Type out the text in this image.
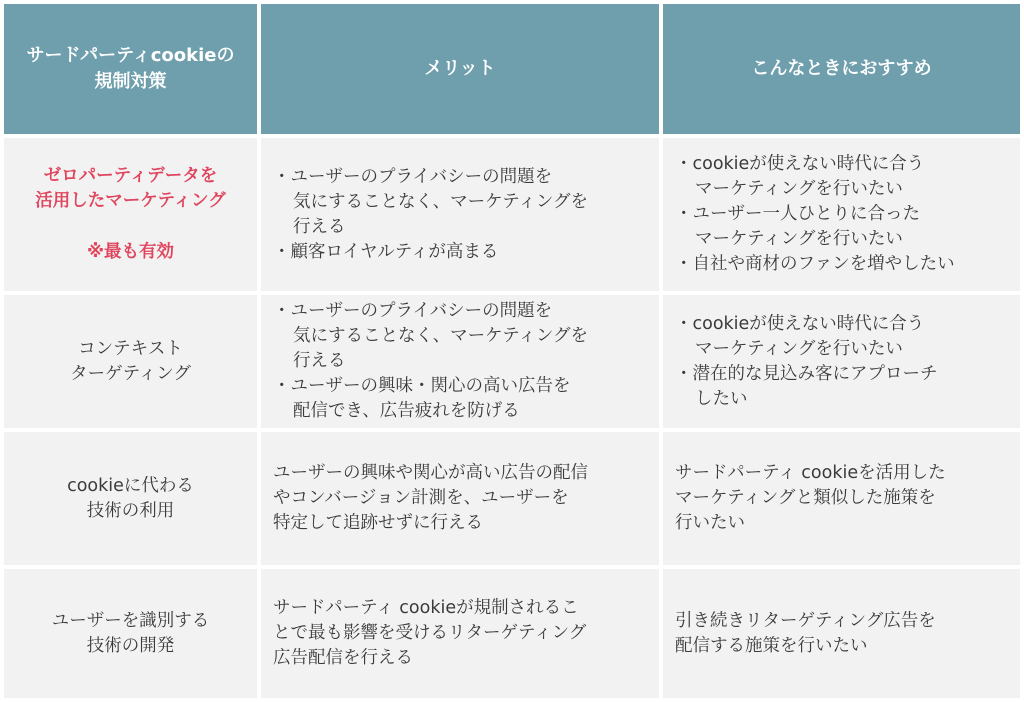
サードパーティcookieの
規制対策
メリット	こんなときにおすすめ
ゼロパーティデータを
活用したマーケティング
※最も有効
・ユーザーのプライバシーの問題を
気にすることなく、マーケティングを
行える
・顧客ロイヤルティが高まる
・cookieが使えない時代に合う
マーケティングを行いたい
・ユーザー一人ひとりに合った
マーケティングを行いたい
・自社や商材のファンを増やしたい
コンテキスト
ターゲティング
・ユーザーのプライバシーの問題を
気にすることなく、マーケティングを
行える
・ユーザーの興味・関心の高い広告を
配信でき、広告疲れを防げる
・cookieが使えない時代に合う
マーケティングを行いたい
・潜在的な見込み客にアプローチ
したい
cookieに代わる
技術の利用
ユーザーの興味や関心が高い広告の配信
やコンバージョン計測を、ユーザーを
特定して追跡せずに行える
サードパーティ cookieを活用した
マーケティングと類似した施策を
行いたい
ユーザーを識別する
技術の開発
サードパーティ cookieが規制されるこ
とで最も影響を受けるリターゲティング
広告配信を行える
引き続きリターゲティング広告を
配信する施策を行いたい
